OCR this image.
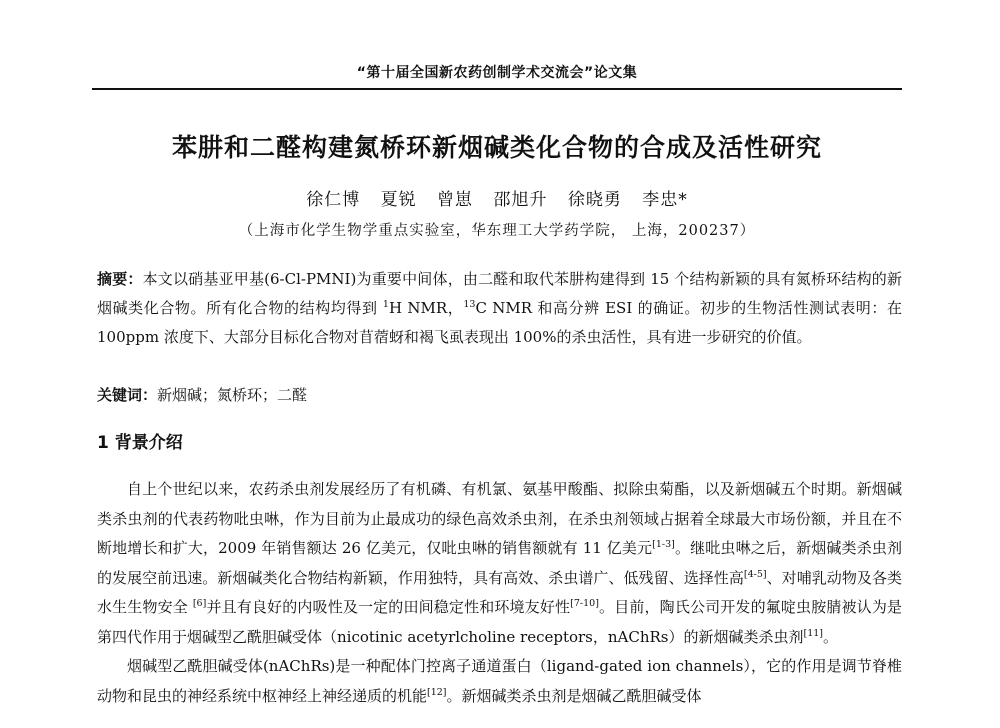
“第十届全国新农药创制学术交流会”论文集
苯肼和二醛构建氮桥环新烟碱类化合物的合成及活性研究
徐仁博 夏锐 曾崽 邵旭升 徐晓勇 李忠*
（上海市化学生物学重点实验室，华东理工大学药学院， 上海，200237）

摘要：本文以硝基亚甲基(6-Cl-PMNI)为重要中间体，由二醛和取代苯肼构建得到 15 个结构新颖的具有氮桥环结构的新烟碱类化合物。所有化合物的结构均得到 $^1$H NMR，$^{13}$C NMR 和高分辨 ESI 的确证。初步的生物活性测试表明：在 100ppm 浓度下、大部分目标化合物对苜蓿蚜和褐飞虱表现出 100%的杀虫活性，具有进一步研究的价值。

关键词：新烟碱；氮桥环；二醛
1 背景介绍

自上个世纪以来，农药杀虫剂发展经历了有机磷、有机氯、氨基甲酸酯、拟除虫菊酯，以及新烟碱五个时期。新烟碱类杀虫剂的代表药物吡虫啉，作为目前为止最成功的绿色高效杀虫剂，在杀虫剂领域占据着全球最大市场份额，并且在不断地增长和扩大，2009 年销售额达 26 亿美元，仅吡虫啉的销售额就有 11 亿美元[1-3]。继吡虫啉之后，新烟碱类杀虫剂的发展空前迅速。新烟碱类化合物结构新颖，作用独特，具有高效、杀虫谱广、低残留、选择性高[4-5]、对哺乳动物及各类水生生物安全 [6]并且有良好的内吸性及一定的田间稳定性和环境友好性[7-10]。目前，陶氏公司开发的氟啶虫胺腈被认为是第四代作用于烟碱型乙酰胆碱受体（nicotinic acetyrlcholine receptors，nAChRs）的新烟碱类杀虫剂[11]。

烟碱型乙酰胆碱受体(nAChRs)是一种配体门控离子通道蛋白（ligand-gated ion channels），它的作用是调节脊椎动物和昆虫的神经系统中枢神经上神经递质的机能[12]。新烟碱类杀虫剂是烟碱乙酰胆碱受体
